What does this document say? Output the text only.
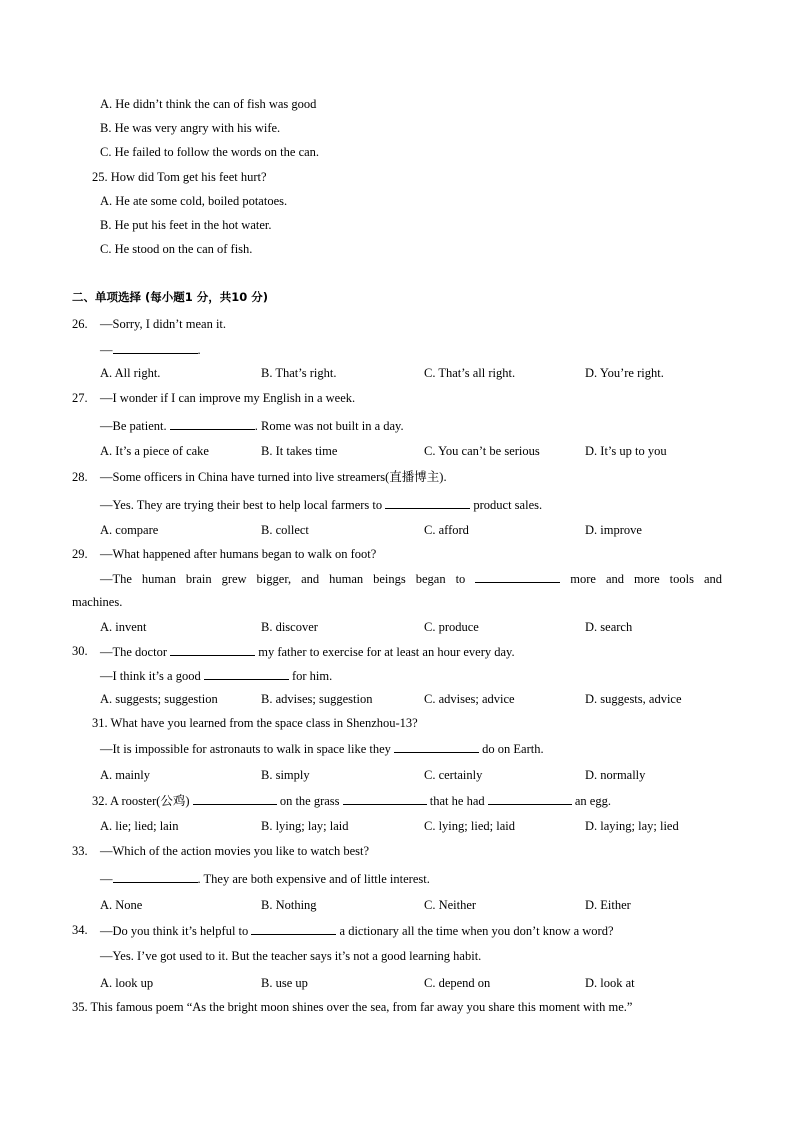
A. He didn’t think the can of fish was good
B. He was very angry with his wife.
C. He failed to follow the words on the can.
25. How did Tom get his feet hurt?
A. He ate some cold, boiled potatoes.
B. He put his feet in the hot water.
C. He stood on the can of fish.
二、单项选择 (每小题1 分，共10 分)
26. —Sorry, I didn’t mean it.
—	.
A. All right.	B. That’s right.	C. That’s all right.	D. You’re right.
27. —I wonder if I can improve my English in a week.
—Be patient.	. Rome was not built in a day.
A. It’s a piece of cake	B. It takes time	C. You can’t be serious	D. It’s up to you
28. —Some officers in China have turned into live streamers(直播博主).
—Yes. They are trying their best to help local farmers to	product sales.
A. compare	B. collect	C. afford	D. improve
29. —What happened after humans began to walk on foot?
—The human brain grew bigger, and human beings began to	more and more tools and
machines.
A. invent	B. discover	C. produce	D. search
30. —The doctor	my father to exercise for at least an hour every day.
—I think it’s a good	for him.
A. suggests; suggestion	B. advises; suggestion	C. advises; advice	D. suggests, advice
31. What have you learned from the space class in Shenzhou-13?
—It is impossible for astronauts to walk in space like they	do on Earth.
A. mainly	B. simply	C. certainly	D. normally
32. A rooster(公鸡)	on the grass	that he had	an egg.
A. lie; lied; lain	B. lying; lay; laid	C. lying; lied; laid	D. laying; lay; lied
33. —Which of the action movies you like to watch best?
—	. They are both expensive and of little interest.
A. None	B. Nothing	C. Neither	D. Either
34. —Do you think it’s helpful to	a dictionary all the time when you don’t know a word?
—Yes. I’ve got used to it. But the teacher says it’s not a good learning habit.
A. look up	B. use up	C. depend on	D. look at
35. This famous poem “As the bright moon shines over the sea, from far away you share this moment with me.”
